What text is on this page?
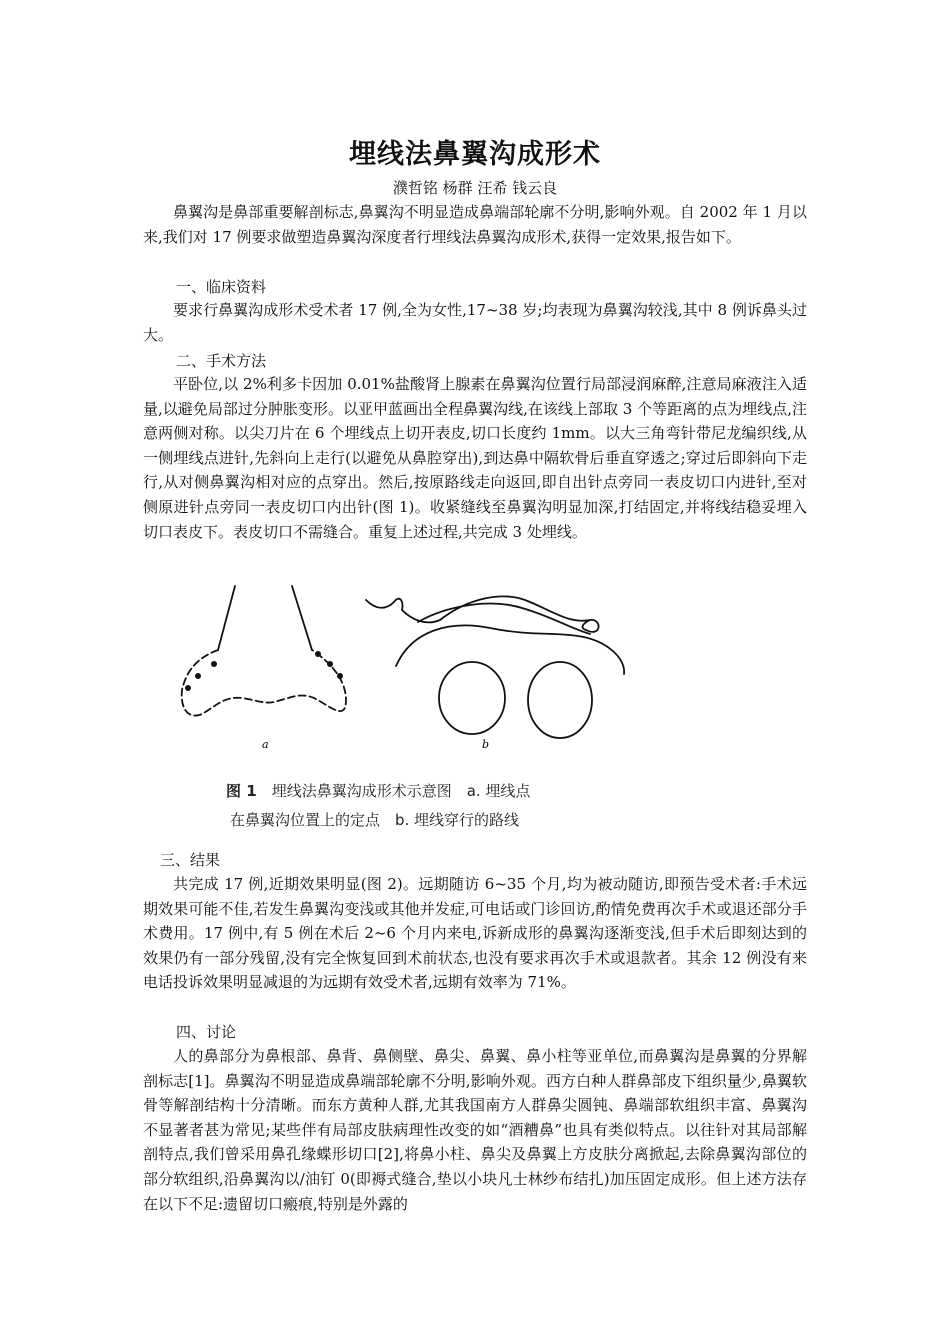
埋线法鼻翼沟成形术
濮哲铭 杨群 汪希 钱云良
鼻翼沟是鼻部重要解剖标志,鼻翼沟不明显造成鼻端部轮廓不分明,影响外观。自 2002 年 1 月以来,我们对 17 例要求做塑造鼻翼沟深度者行埋线法鼻翼沟成形术,获得一定效果,报告如下。
一、临床资料
要求行鼻翼沟成形术受术者 17 例,全为女性,17~38 岁;均表现为鼻翼沟较浅,其中 8 例诉鼻头过大。
二、手术方法
平卧位,以 2%利多卡因加 0.01%盐酸肾上腺素在鼻翼沟位置行局部浸润麻醉,注意局麻液注入适量,以避免局部过分肿胀变形。以亚甲蓝画出全程鼻翼沟线,在该线上部取 3 个等距离的点为埋线点,注意两侧对称。以尖刀片在 6 个埋线点上切开表皮,切口长度约 1mm。以大三角弯针带尼龙编织线,从一侧埋线点进针,先斜向上走行(以避免从鼻腔穿出),到达鼻中隔软骨后垂直穿透之;穿过后即斜向下走行,从对侧鼻翼沟相对应的点穿出。然后,按原路线走向返回,即自出针点旁同一表皮切口内进针,至对侧原进针点旁同一表皮切口内出针(图 1)。收紧缝线至鼻翼沟明显加深,打结固定,并将线结稳妥埋入切口表皮下。表皮切口不需缝合。重复上述过程,共完成 3 处埋线。
a	b
图 1　 埋线法鼻翼沟成形术示意图　a. 埋线点
在鼻翼沟位置上的定点　b. 埋线穿行的路线
三、结果
共完成 17 例,近期效果明显(图 2)。远期随访 6~35 个月,均为被动随访,即预告受术者:手术远期效果可能不佳,若发生鼻翼沟变浅或其他并发症,可电话或门诊回访,酌情免费再次手术或退还部分手术费用。17 例中,有 5 例在术后 2~6 个月内来电,诉新成形的鼻翼沟逐渐变浅,但手术后即刻达到的效果仍有一部分残留,没有完全恢复回到术前状态,也没有要求再次手术或退款者。其余 12 例没有来电话投诉效果明显减退的为远期有效受术者,远期有效率为 71%。
四、讨论
人的鼻部分为鼻根部、鼻背、鼻侧壁、鼻尖、鼻翼、鼻小柱等亚单位,而鼻翼沟是鼻翼的分界解剖标志[1]。鼻翼沟不明显造成鼻端部轮廓不分明,影响外观。西方白种人群鼻部皮下组织量少,鼻翼软骨等解剖结构十分清晰。而东方黄种人群,尤其我国南方人群鼻尖圆钝、鼻端部软组织丰富、鼻翼沟不显著者甚为常见;某些伴有局部皮肤病理性改变的如“酒糟鼻”也具有类似特点。以往针对其局部解剖特点,我们曾采用鼻孔缘蝶形切口[2],将鼻小柱、鼻尖及鼻翼上方皮肤分离掀起,去除鼻翼沟部位的部分软组织,沿鼻翼沟以/油钉 0(即褥式缝合,垫以小块凡士林纱布结扎)加压固定成形。但上述方法存在以下不足:遗留切口瘢痕,特别是外露的
